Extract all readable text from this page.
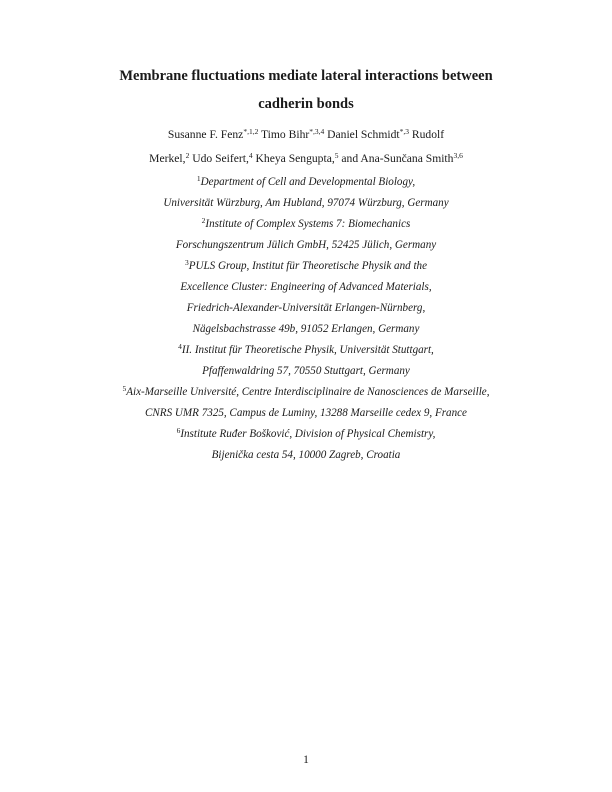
Membrane fluctuations mediate lateral interactions between
cadherin bonds
Susanne F. Fenz$^{*,1,2}$ Timo Bihr$^{*,3,4}$ Daniel Schmidt$^{*,3}$ Rudolf
Merkel,$^2$ Udo Seifert,$^4$ Kheya Sengupta,$^5$ and Ana-Sunčana Smith$^{3,6}$
$^1$Department of Cell and Developmental Biology,
Universität Würzburg, Am Hubland, 97074 Würzburg, Germany
$^2$Institute of Complex Systems 7: Biomechanics
Forschungszentrum Jülich GmbH, 52425 Jülich, Germany
$^3$PULS Group, Institut für Theoretische Physik and the
Excellence Cluster: Engineering of Advanced Materials,
Friedrich-Alexander-Universität Erlangen-Nürnberg,
Nägelsbachstrasse 49b, 91052 Erlangen, Germany
$^4$II. Institut für Theoretische Physik, Universität Stuttgart,
Pfaffenwaldring 57, 70550 Stuttgart, Germany
$^5$Aix-Marseille Université, Centre Interdisciplinaire de Nanosciences de Marseille,
CNRS UMR 7325, Campus de Luminy, 13288 Marseille cedex 9, France
$^6$Institute Ruđer Bošković, Division of Physical Chemistry,
Bijenička cesta 54, 10000 Zagreb, Croatia
1
